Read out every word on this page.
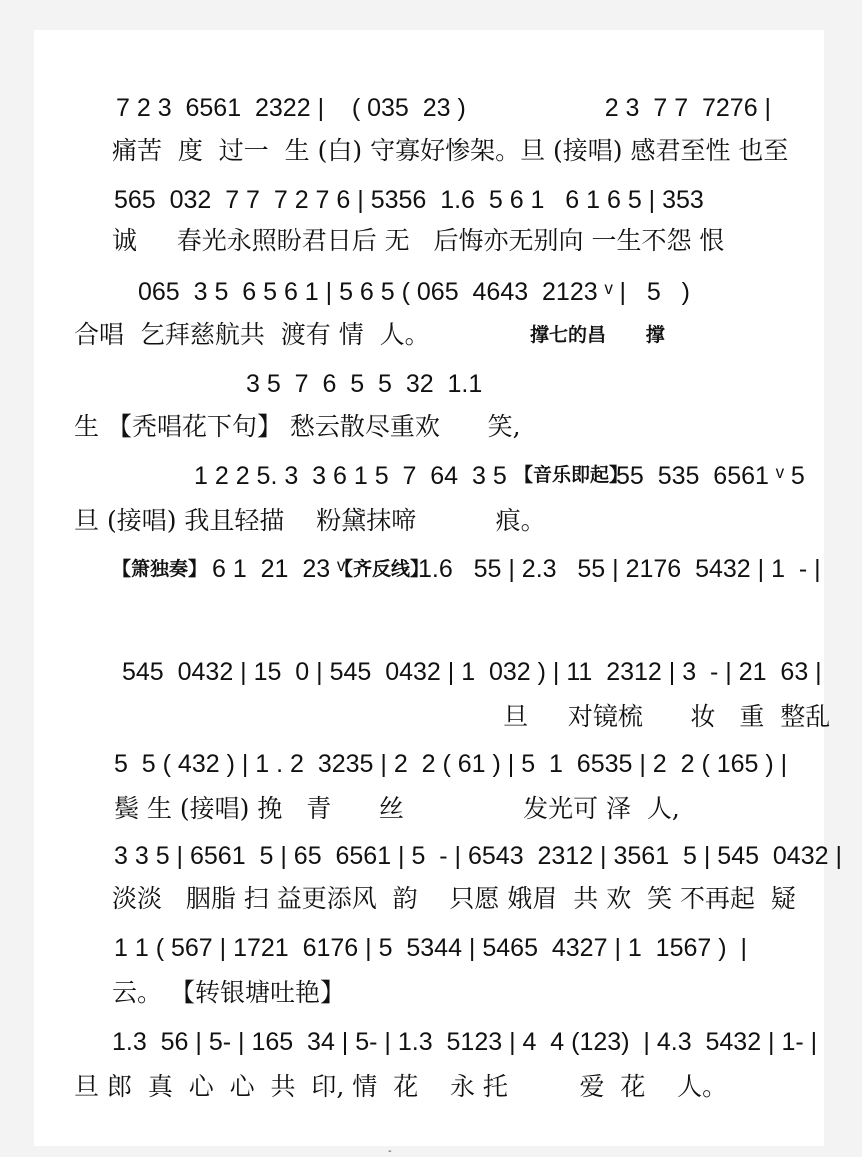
7 2 3  6561  2322 |    ( 035  23 )                    2 3  7 7  7276 |
痛苦  度  过一  生 (白) 守寡好惨架。旦 (接唱) 感君至性 也至
565  032  7 7  7 2 7 6 | 5356  1.6  5 6 1   6 1 6 5 | 353
诚     春光永照盼君日后 无   后悔亦无别向 一生不怨 恨
065  3 5  6 5 6 1 | 5 6 5 ( 065  4643  2123 ᵛ |   5   )
合唱  乞拜慈航共  渡有 情  人。	撑七的昌      撑
3 5  7  6  5  5  32  1.1
生 【秃唱花下句】 愁云散尽重欢      笑,
1 2 2 5. 3  3 6 1 5  7  64  3 5 【音乐即起】
55  535  6561 ᵛ 5
旦 (接唱) 我且轻描    粉黛抹啼          痕。
【箫独奏】 6 1  21  23 ᵛ
【齐反线】
1.6   55 | 2.3   55 | 2176  5432 | 1  - |
545  0432 | 15  0 | 545  0432 | 1  032 ) | 11  2312 | 3  - | 21  63 |
旦     对镜梳      妆   重  整乱
5  5 ( 432 ) | 1 . 2  3235 | 2  2 ( 61 ) | 5  1  6535 | 2  2 ( 165 ) |
鬓 生 (接唱) 挽   青      丝               发光可 泽  人,
3 3 5 | 6561  5 | 65  6561 | 5  - | 6543  2312 | 3561  5 | 545  0432 |
淡淡   胭脂 扫 益更添风  韵    只愿 娥眉  共 欢  笑 不再起  疑
1 1 ( 567 | 1721  6176 | 5  5344 | 5465  4327 | 1  1567 )  |
云。 【转银塘吐艳】
1.3  56 | 5- | 165  34 | 5- | 1.3  5123 | 4  4 (123)  | 4.3  5432 | 1- |
旦 郎  真  心  心  共  印, 情  花    永 托         爱  花    人。
-
